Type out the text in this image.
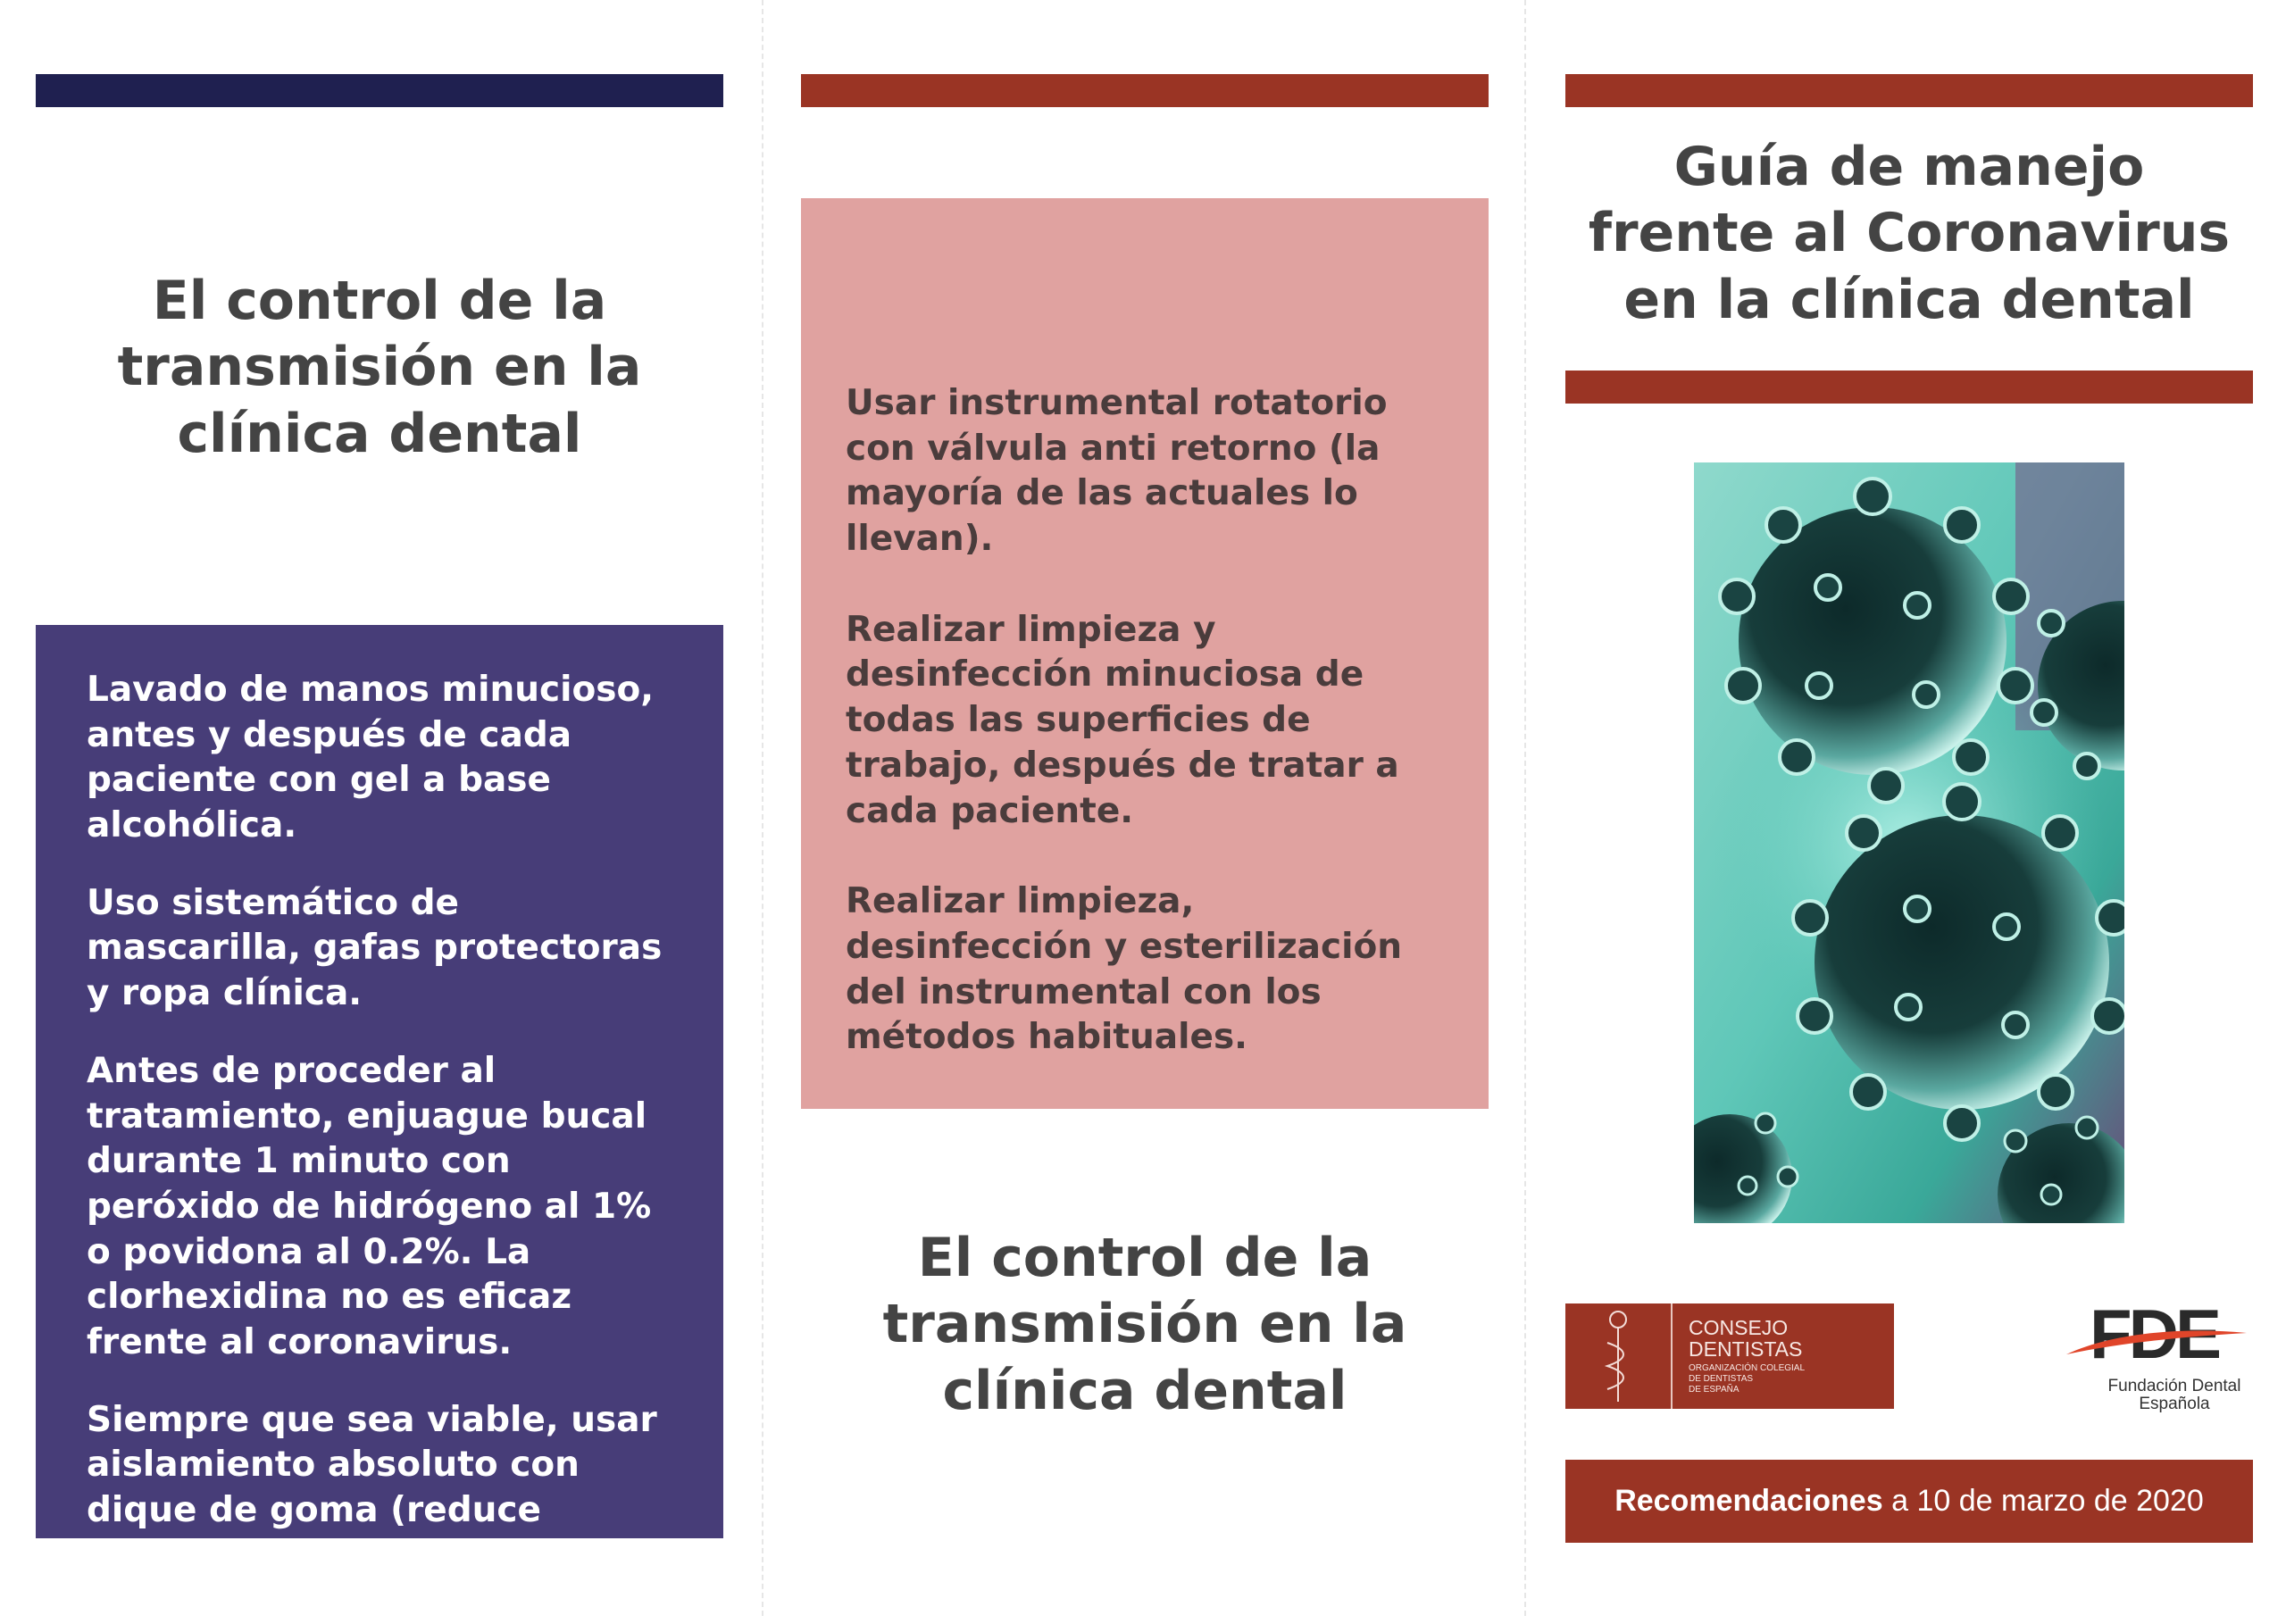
El control de la
transmisión en la
clínica dental

Lavado de manos minucioso, antes y después de cada paciente con gel a base alcohólica.

Uso sistemático de mascarilla, gafas protectoras y ropa clínica.

Antes de proceder al tratamiento, enjuague bucal durante 1 minuto con peróxido de hidrógeno al 1% o povidona al 0.2%. La clorhexidina no es eficaz frente al coronavirus.

Siempre que sea viable, usar aislamiento absoluto con dique de goma (reduce concentración de virus en aerosoles un 70%).

Usar instrumental rotatorio con válvula anti retorno (la mayoría de las actuales lo llevan).

Realizar limpieza y desinfección minuciosa de todas las superficies de trabajo, después de tratar a cada paciente.

Realizar limpieza, desinfección y esterilización del instrumental con los métodos habituales.

El control de la
transmisión en la
clínica dental
Guía de manejo
frente al Coronavirus
en la clínica dental
CONSEJO
DENTISTAS
ORGANIZACIÓN COLEGIAL
DE DENTISTAS
DE ESPAÑA
FDE
Fundación Dental
Española
Recomendaciones a 10 de marzo de 2020
